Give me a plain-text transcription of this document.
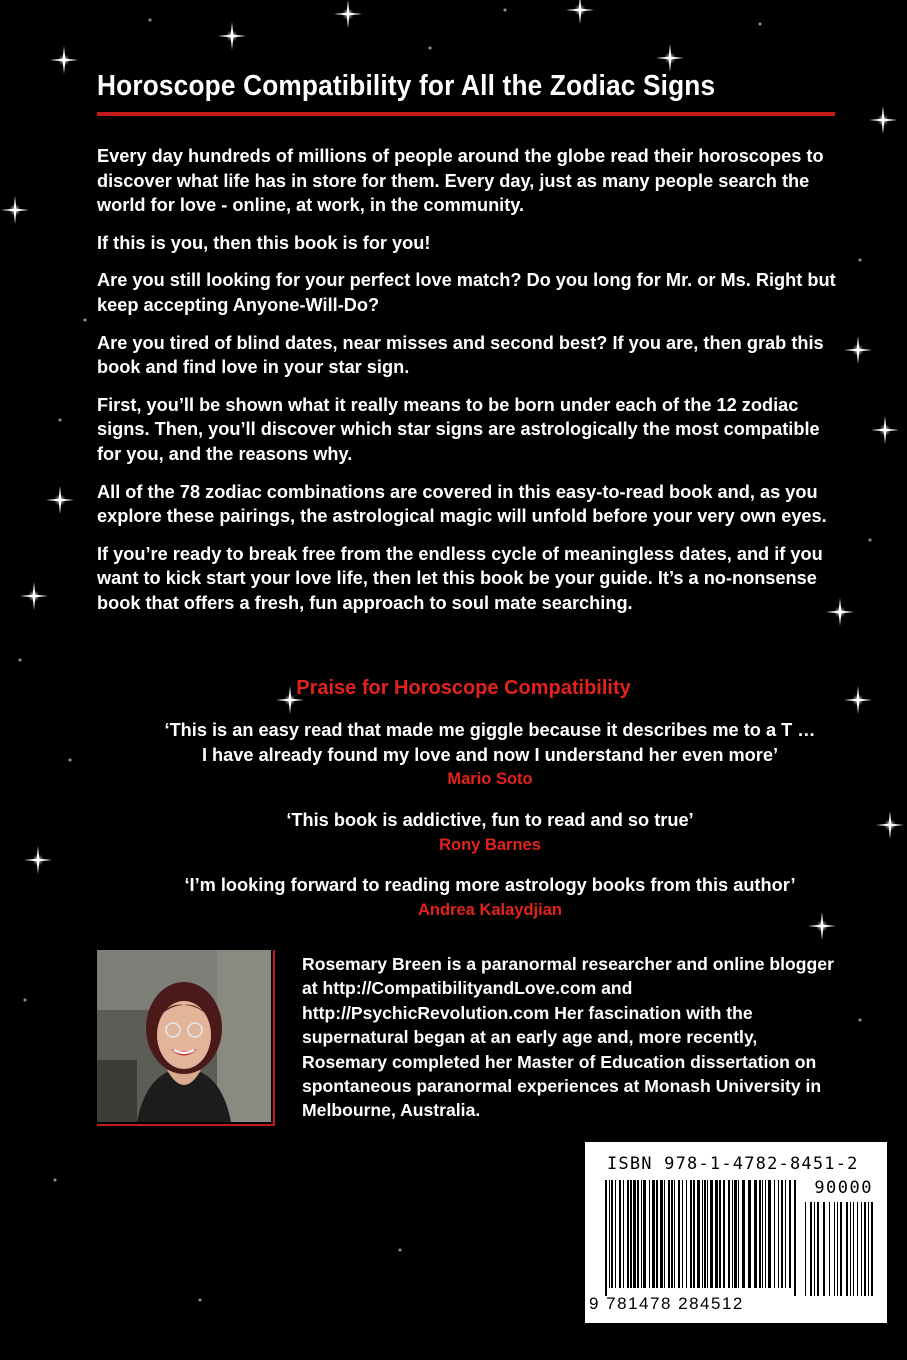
Horoscope Compatibility for All the Zodiac Signs

Every day hundreds of millions of people around the globe read their horoscopes to discover what life has in store for them. Every day, just as many people search the world for love - online, at work, in the community.

If this is you, then this book is for you!

Are you still looking for your perfect love match? Do you long for Mr. or Ms. Right but keep accepting Anyone-Will-Do?

Are you tired of blind dates, near misses and second best? If you are, then grab this book and find love in your star sign.

First, you’ll be shown what it really means to be born under each of the 12 zodiac signs. Then, you’ll discover which star signs are astrologically the most compatible for you, and the reasons why.

All of the 78 zodiac combinations are covered in this easy-to-read book and, as you explore these pairings, the astrological magic will unfold before your very own eyes.

If you’re ready to break free from the endless cycle of meaningless dates, and if you want to kick start your love life, then let this book be your guide. It’s a no-nonsense book that offers a fresh, fun approach to soul mate searching.

Praise for Horoscope Compatibility
‘This is an easy read that made me giggle because it describes me to a T … I have already found my love and now I understand her even more’
Mario Soto
‘This book is addictive, fun to read and so true’
Rony Barnes
‘I’m looking forward to reading more astrology books from this author’
Andrea Kalaydjian
Rosemary Breen is a paranormal researcher and online blogger at http://CompatibilityandLove.com and http://PsychicRevolution.com Her fascination with the supernatural began at an early age and, more recently, Rosemary completed her Master of Education dissertation on spontaneous paranormal experiences at Monash University in Melbourne, Australia.
ISBN 978-1-4782-8451-2
90000
9 781478 284512
